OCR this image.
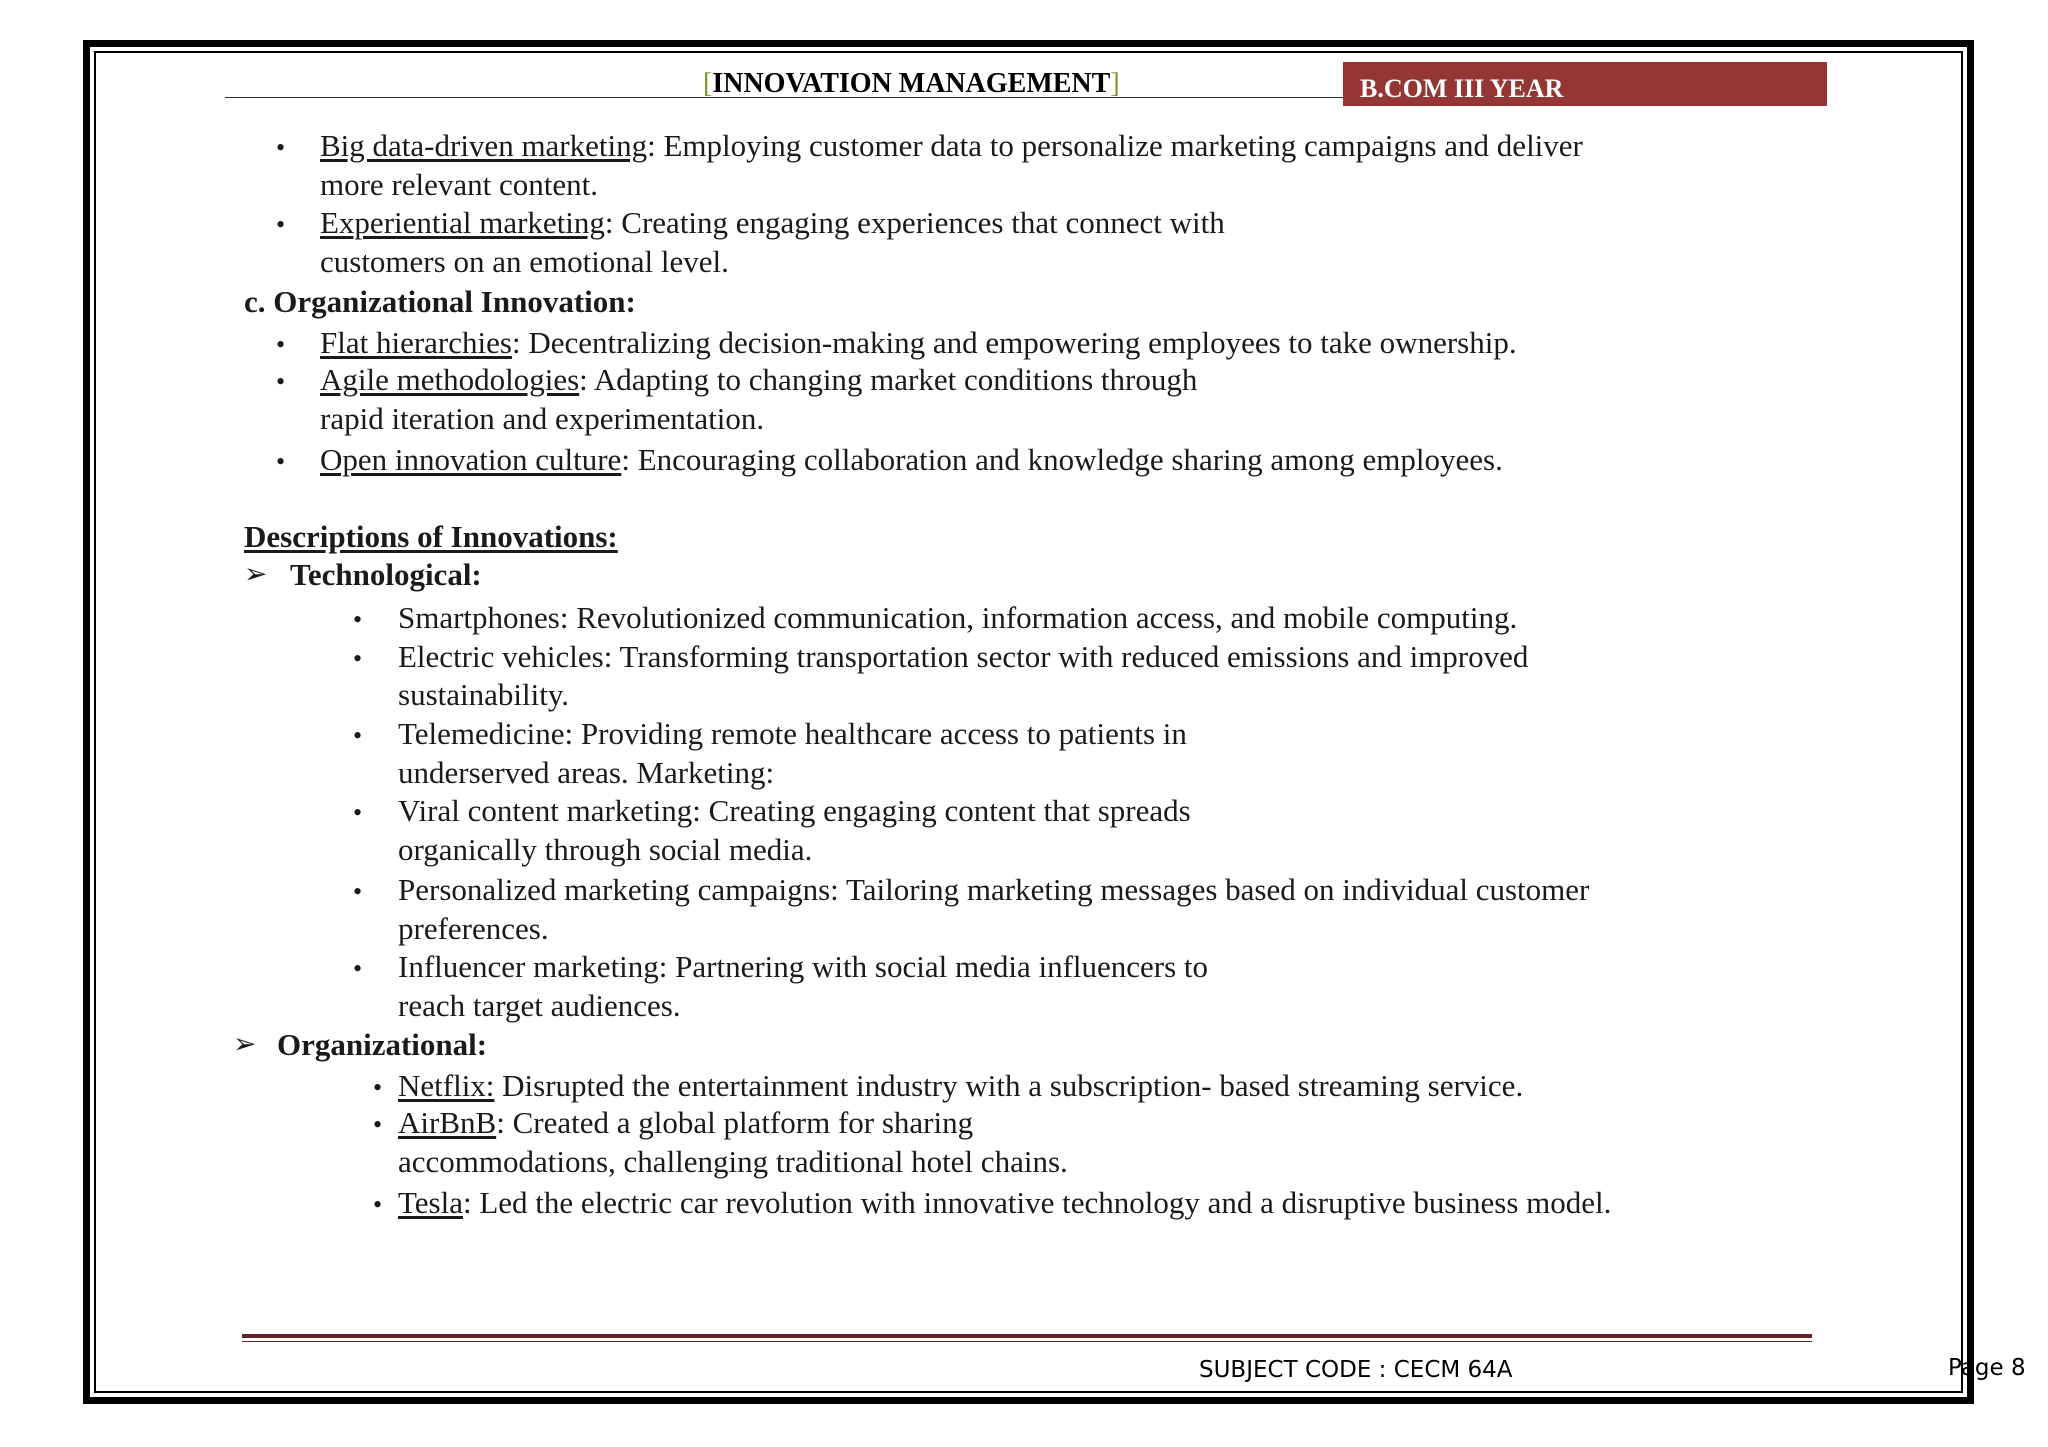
[INNOVATION MANAGEMENT]	B.COM III YEAR
• Big data-driven marketing: Employing customer data to personalize marketing campaigns and deliver
more relevant content.
• Experiential marketing: Creating engaging experiences that connect with
customers on an emotional level.
c. Organizational Innovation:
• Flat hierarchies: Decentralizing decision-making and empowering employees to take ownership.
• Agile methodologies: Adapting to changing market conditions through
rapid iteration and experimentation.
• Open innovation culture: Encouraging collaboration and knowledge sharing among employees.
Descriptions of Innovations:
➢ Technological:
• Smartphones: Revolutionized communication, information access, and mobile computing.
• Electric vehicles: Transforming transportation sector with reduced emissions and improved
sustainability.
• Telemedicine: Providing remote healthcare access to patients in
underserved areas. Marketing:
• Viral content marketing: Creating engaging content that spreads
organically through social media.
• Personalized marketing campaigns: Tailoring marketing messages based on individual customer
preferences.
• Influencer marketing: Partnering with social media influencers to
reach target audiences.
➢ Organizational:
• Netflix: Disrupted the entertainment industry with a subscription- based streaming service.
• AirBnB: Created a global platform for sharing
accommodations, challenging traditional hotel chains.
• Tesla: Led the electric car revolution with innovative technology and a disruptive business model.
SUBJECT CODE : CECM 64A	Page 8
